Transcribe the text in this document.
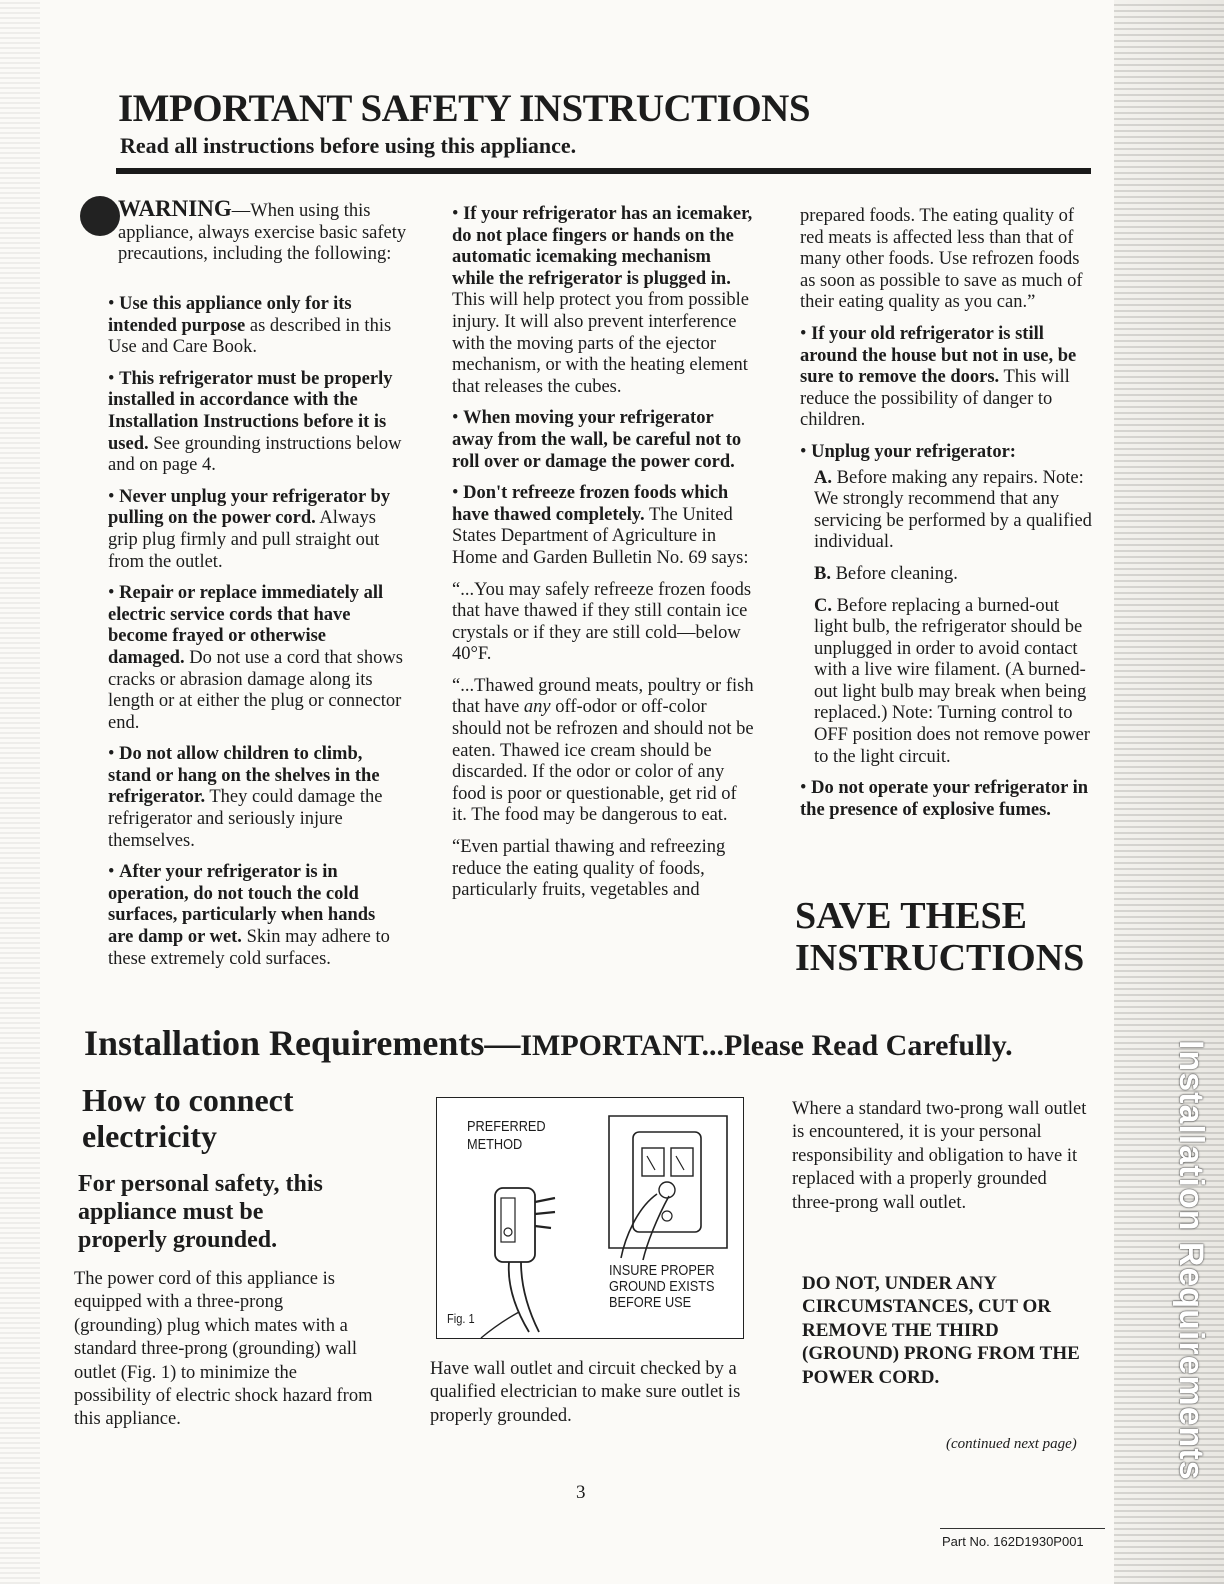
Installation Requirements
IMPORTANT SAFETY INSTRUCTIONS
Read all instructions before using this appliance.

WARNING—When using this appliance, always exercise basic safety precautions, including the following:

• Use this appliance only for its intended purpose as described in this Use and Care Book.

• This refrigerator must be properly installed in accordance with the Installation Instructions before it is used. See grounding instructions below and on page 4.

• Never unplug your refrigerator by pulling on the power cord. Always grip plug firmly and pull straight out from the outlet.

• Repair or replace immediately all electric service cords that have become frayed or otherwise damaged. Do not use a cord that shows cracks or abrasion damage along its length or at either the plug or connector end.

• Do not allow children to climb, stand or hang on the shelves in the refrigerator. They could damage the refrigerator and seriously injure themselves.

• After your refrigerator is in operation, do not touch the cold surfaces, particularly when hands are damp or wet. Skin may adhere to these extremely cold surfaces.

• If your refrigerator has an icemaker, do not place fingers or hands on the automatic icemaking mechanism while the refrigerator is plugged in. This will help protect you from possible injury. It will also prevent interference with the moving parts of the ejector mechanism, or with the heating element that releases the cubes.

• When moving your refrigerator away from the wall, be careful not to roll over or damage the power cord.

• Don't refreeze frozen foods which have thawed completely. The United States Department of Agriculture in Home and Garden Bulletin No. 69 says:

“...You may safely refreeze frozen foods that have thawed if they still contain ice crystals or if they are still cold—below 40°F.

“...Thawed ground meats, poultry or fish that have any off-odor or off-color should not be refrozen and should not be eaten. Thawed ice cream should be discarded. If the odor or color of any food is poor or questionable, get rid of it. The food may be dangerous to eat.

“Even partial thawing and refreezing reduce the eating quality of foods, particularly fruits, vegetables and

prepared foods. The eating quality of red meats is affected less than that of many other foods. Use refrozen foods as soon as possible to save as much of their eating quality as you can.”

• If your old refrigerator is still around the house but not in use, be sure to remove the doors. This will reduce the possibility of danger to children.

• Unplug your refrigerator:

A. Before making any repairs. Note: We strongly recommend that any servicing be performed by a qualified individual.

B. Before cleaning.

C. Before replacing a burned-out light bulb, the refrigerator should be unplugged in order to avoid contact with a live wire filament. (A burned-out light bulb may break when being replaced.) Note: Turning control to OFF position does not remove power to the light circuit.

• Do not operate your refrigerator in the presence of explosive fumes.

SAVE THESE
INSTRUCTIONS
Installation Requirements—IMPORTANT...Please Read Carefully.
How to connect electricity
For personal safety, this appliance must be properly grounded.
The power cord of this appliance is equipped with a three-prong (grounding) plug which mates with a standard three-prong (grounding) wall outlet (Fig. 1) to minimize the possibility of electric shock hazard from this appliance.
PREFERRED
METHOD
INSURE PROPER
GROUND EXISTS
BEFORE USE
Fig. 1
Have wall outlet and circuit checked by a qualified electrician to make sure outlet is properly grounded.
Where a standard two-prong wall outlet is encountered, it is your personal responsibility and obligation to have it replaced with a properly grounded three-prong wall outlet.
DO NOT, UNDER ANY CIRCUMSTANCES, CUT OR REMOVE THE THIRD (GROUND) PRONG FROM THE POWER CORD.
(continued next page)
3
Part No. 162D1930P001
